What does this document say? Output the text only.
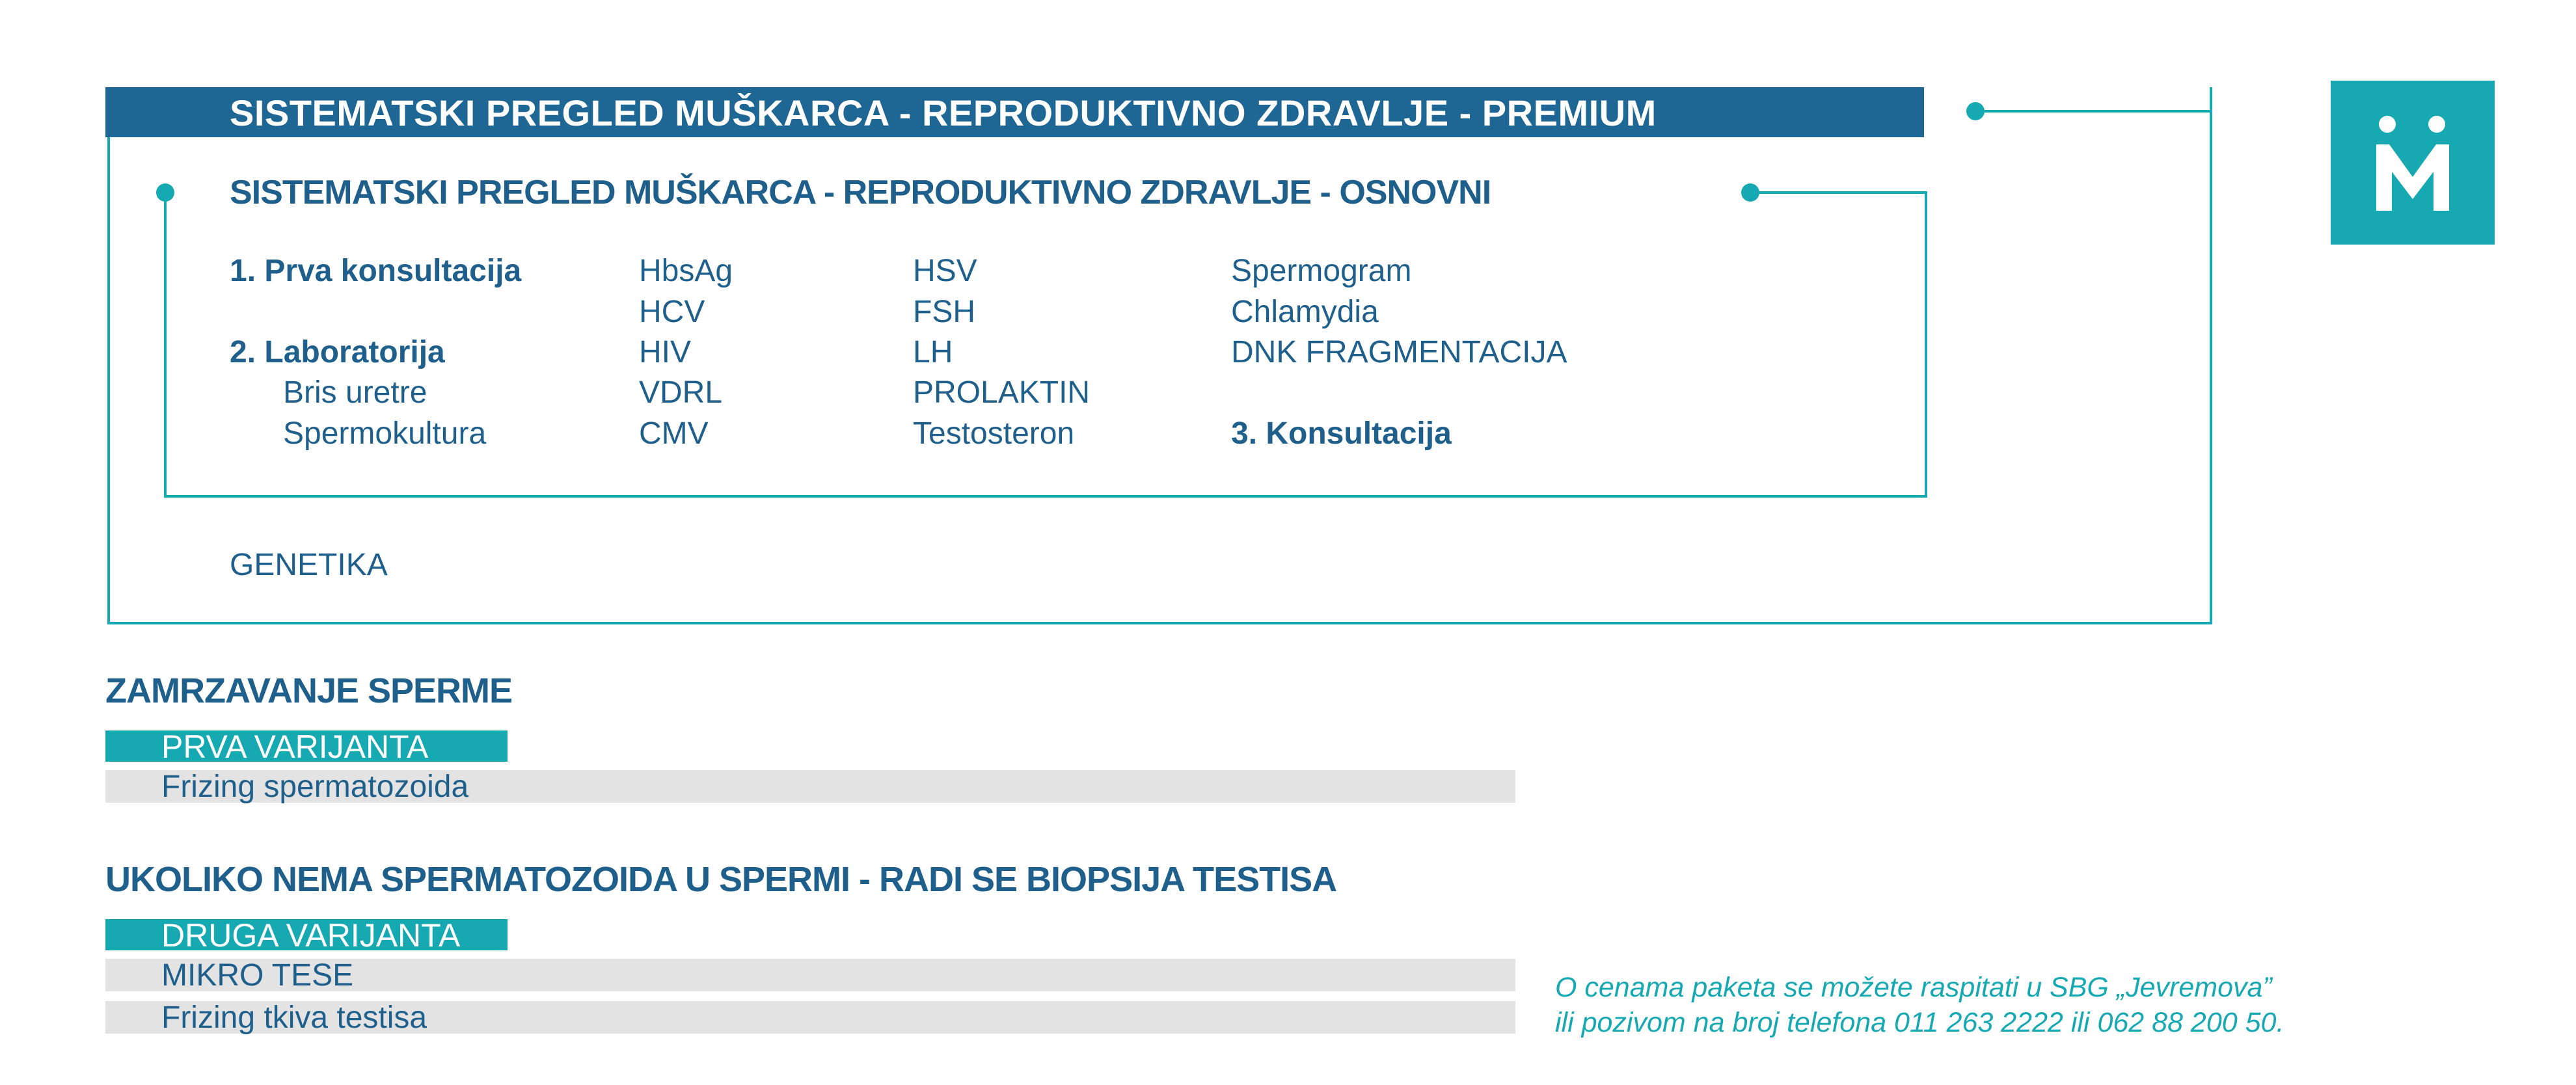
SISTEMATSKI PREGLED MUŠKARCA - REPRODUKTIVNO ZDRAVLJE - PREMIUM
SISTEMATSKI PREGLED MUŠKARCA - REPRODUKTIVNO ZDRAVLJE - OSNOVNI
1. Prva konsultacija
2. Laboratorija
Bris uretre
Spermokultura
HbsAg
HCV
HIV
VDRL
CMV
HSV
FSH
LH
PROLAKTIN
Testosteron
Spermogram
Chlamydia
DNK FRAGMENTACIJA
3. Konsultacija
GENETIKA
ZAMRZAVANJE SPERME
PRVA VARIJANTA
Frizing spermatozoida
UKOLIKO NEMA SPERMATOZOIDA U SPERMI - RADI SE BIOPSIJA TESTISA
DRUGA VARIJANTA
MIKRO TESE
Frizing tkiva testisa
O cenama paketa se možete raspitati u SBG „Jevremova”
ili pozivom na broj telefona 011 263 2222 ili 062 88 200 50.
